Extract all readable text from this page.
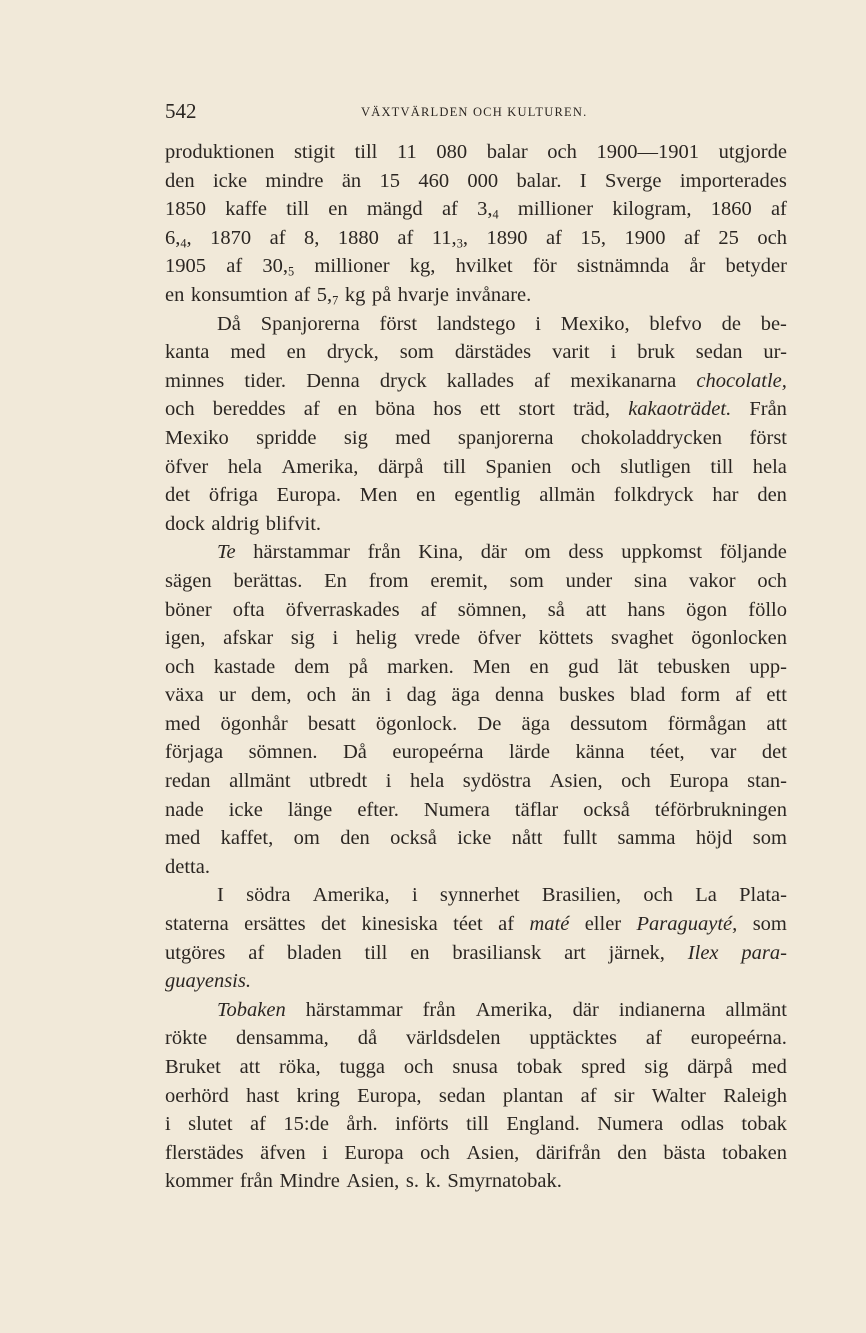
542	VÄXTVÄRLDEN OCH KULTUREN.
produktionen stigit till 11 080 balar och 1900—1901 utgjorde
den icke mindre än 15 460 000 balar. I Sverge importerades
1850 kaffe till en mängd af $3,_4$ millioner kilogram, 1860 af
$6,_4$, 1870 af 8, 1880 af $11,_3$, 1890 af 15, 1900 af 25 och
1905 af $30,_5$ millioner kg, hvilket för sistnämnda år betyder
en konsumtion af $5,_7$ kg på hvarje invånare.
Då Spanjorerna först landstego i Mexiko, blefvo de be-
kanta med en dryck, som därstädes varit i bruk sedan ur-
minnes tider. Denna dryck kallades af mexikanarna chocolatle,
och bereddes af en böna hos ett stort träd, kakaoträdet. Från
Mexiko spridde sig med spanjorerna chokoladdrycken först
öfver hela Amerika, därpå till Spanien och slutligen till hela
det öfriga Europa. Men en egentlig allmän folkdryck har den
dock aldrig blifvit.
Te härstammar från Kina, där om dess uppkomst följande
sägen berättas. En from eremit, som under sina vakor och
böner ofta öfverraskades af sömnen, så att hans ögon föllo
igen, afskar sig i helig vrede öfver köttets svaghet ögonlocken
och kastade dem på marken. Men en gud lät tebusken upp-
växa ur dem, och än i dag äga denna buskes blad form af ett
med ögonhår besatt ögonlock. De äga dessutom förmågan att
förjaga sömnen. Då europeérna lärde känna téet, var det
redan allmänt utbredt i hela sydöstra Asien, och Europa stan-
nade icke länge efter. Numera täflar också téförbrukningen
med kaffet, om den också icke nått fullt samma höjd som
detta.
I södra Amerika, i synnerhet Brasilien, och La Plata-
staterna ersättes det kinesiska téet af maté eller Paraguayté, som
utgöres af bladen till en brasiliansk art järnek, Ilex para-
guayensis.
Tobaken härstammar från Amerika, där indianerna allmänt
rökte densamma, då världsdelen upptäcktes af europeérna.
Bruket att röka, tugga och snusa tobak spred sig därpå med
oerhörd hast kring Europa, sedan plantan af sir Walter Raleigh
i slutet af 15:de årh. införts till England. Numera odlas tobak
flerstädes äfven i Europa och Asien, därifrån den bästa tobaken
kommer från Mindre Asien, s. k. Smyrnatobak.
